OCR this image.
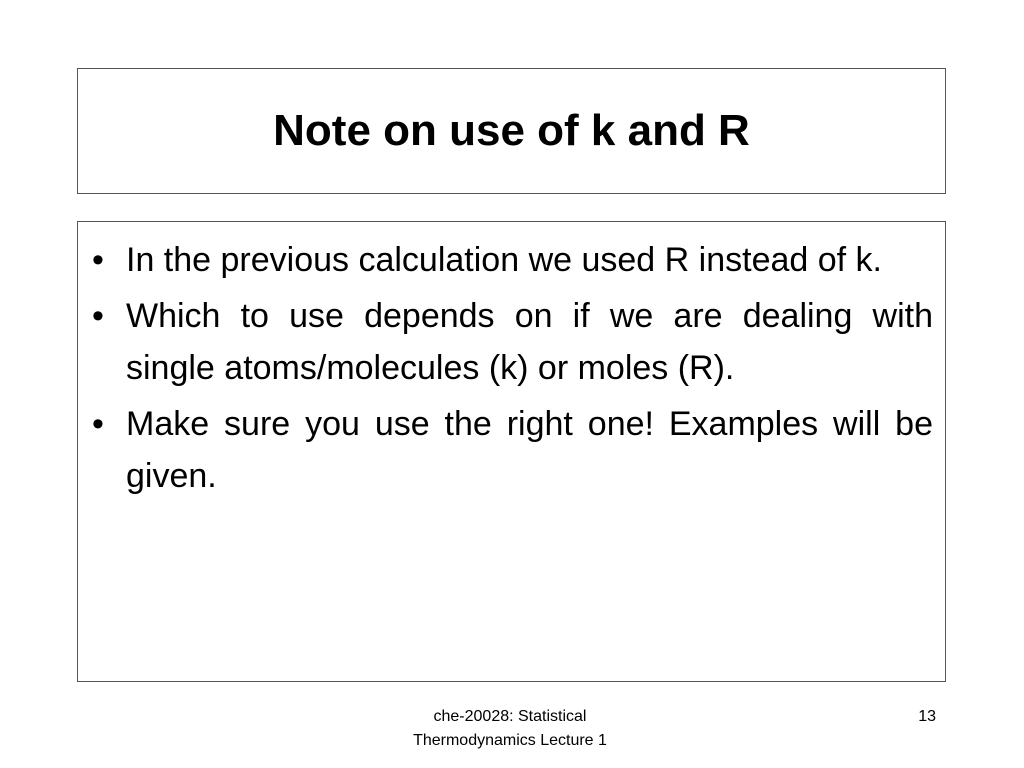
Note on use of k and R
• In the previous calculation we used R instead of k.
• Which to use depends on if we are dealing with single atoms/molecules (k) or moles (R).
• Make sure you use the right one! Examples will be given.
che-20028: Statistical
Thermodynamics Lecture 1
13
